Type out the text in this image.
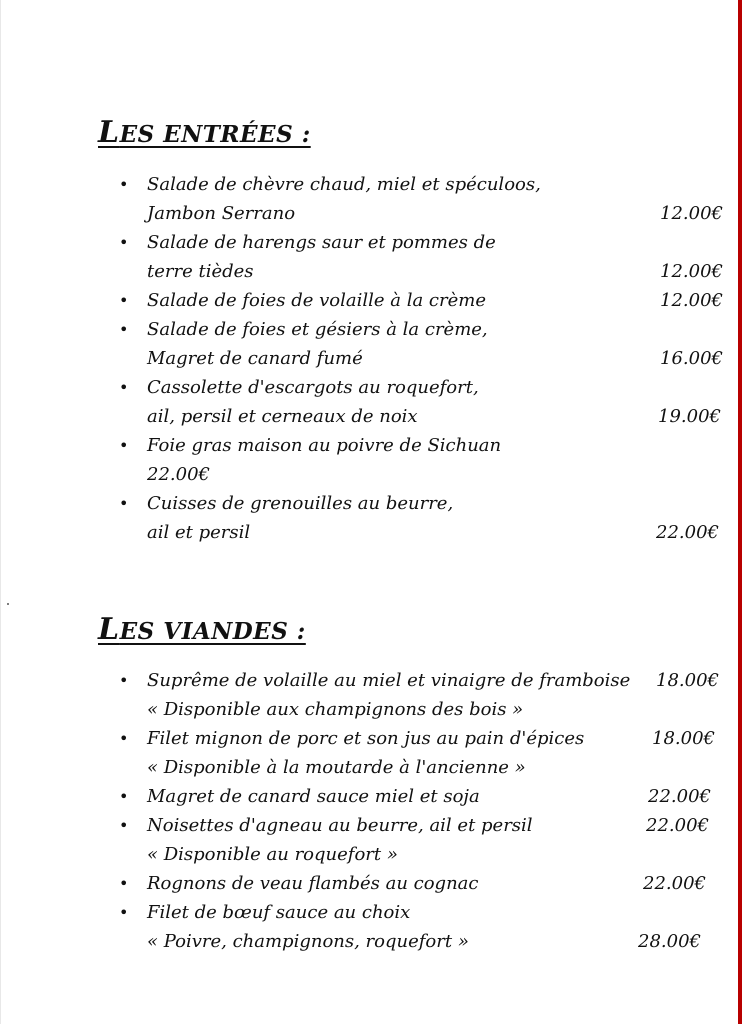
LES ENTRÉES :
• Salade de chèvre chaud, miel et spéculoos,
Jambon Serrano	12.00€
• Salade de harengs saur et pommes de
terre tièdes	12.00€
• Salade de foies de volaille à la crème	12.00€
• Salade de foies et gésiers à la crème,
Magret de canard fumé	16.00€
• Cassolette d'escargots au roquefort,
ail, persil et cerneaux de noix	19.00€
• Foie gras maison au poivre de Sichuan
22.00€
• Cuisses de grenouilles au beurre,
ail et persil	22.00€
LES VIANDES :
• Suprême de volaille au miel et vinaigre de framboise 18.00€
« Disponible aux champignons des bois »
• Filet mignon de porc et son jus au pain d'épices	18.00€
« Disponible à la moutarde à l'ancienne »
• Magret de canard sauce miel et soja	22.00€
• Noisettes d'agneau au beurre, ail et persil	22.00€
« Disponible au roquefort »
• Rognons de veau flambés au cognac	22.00€
• Filet de bœuf sauce au choix
« Poivre, champignons, roquefort »	28.00€
